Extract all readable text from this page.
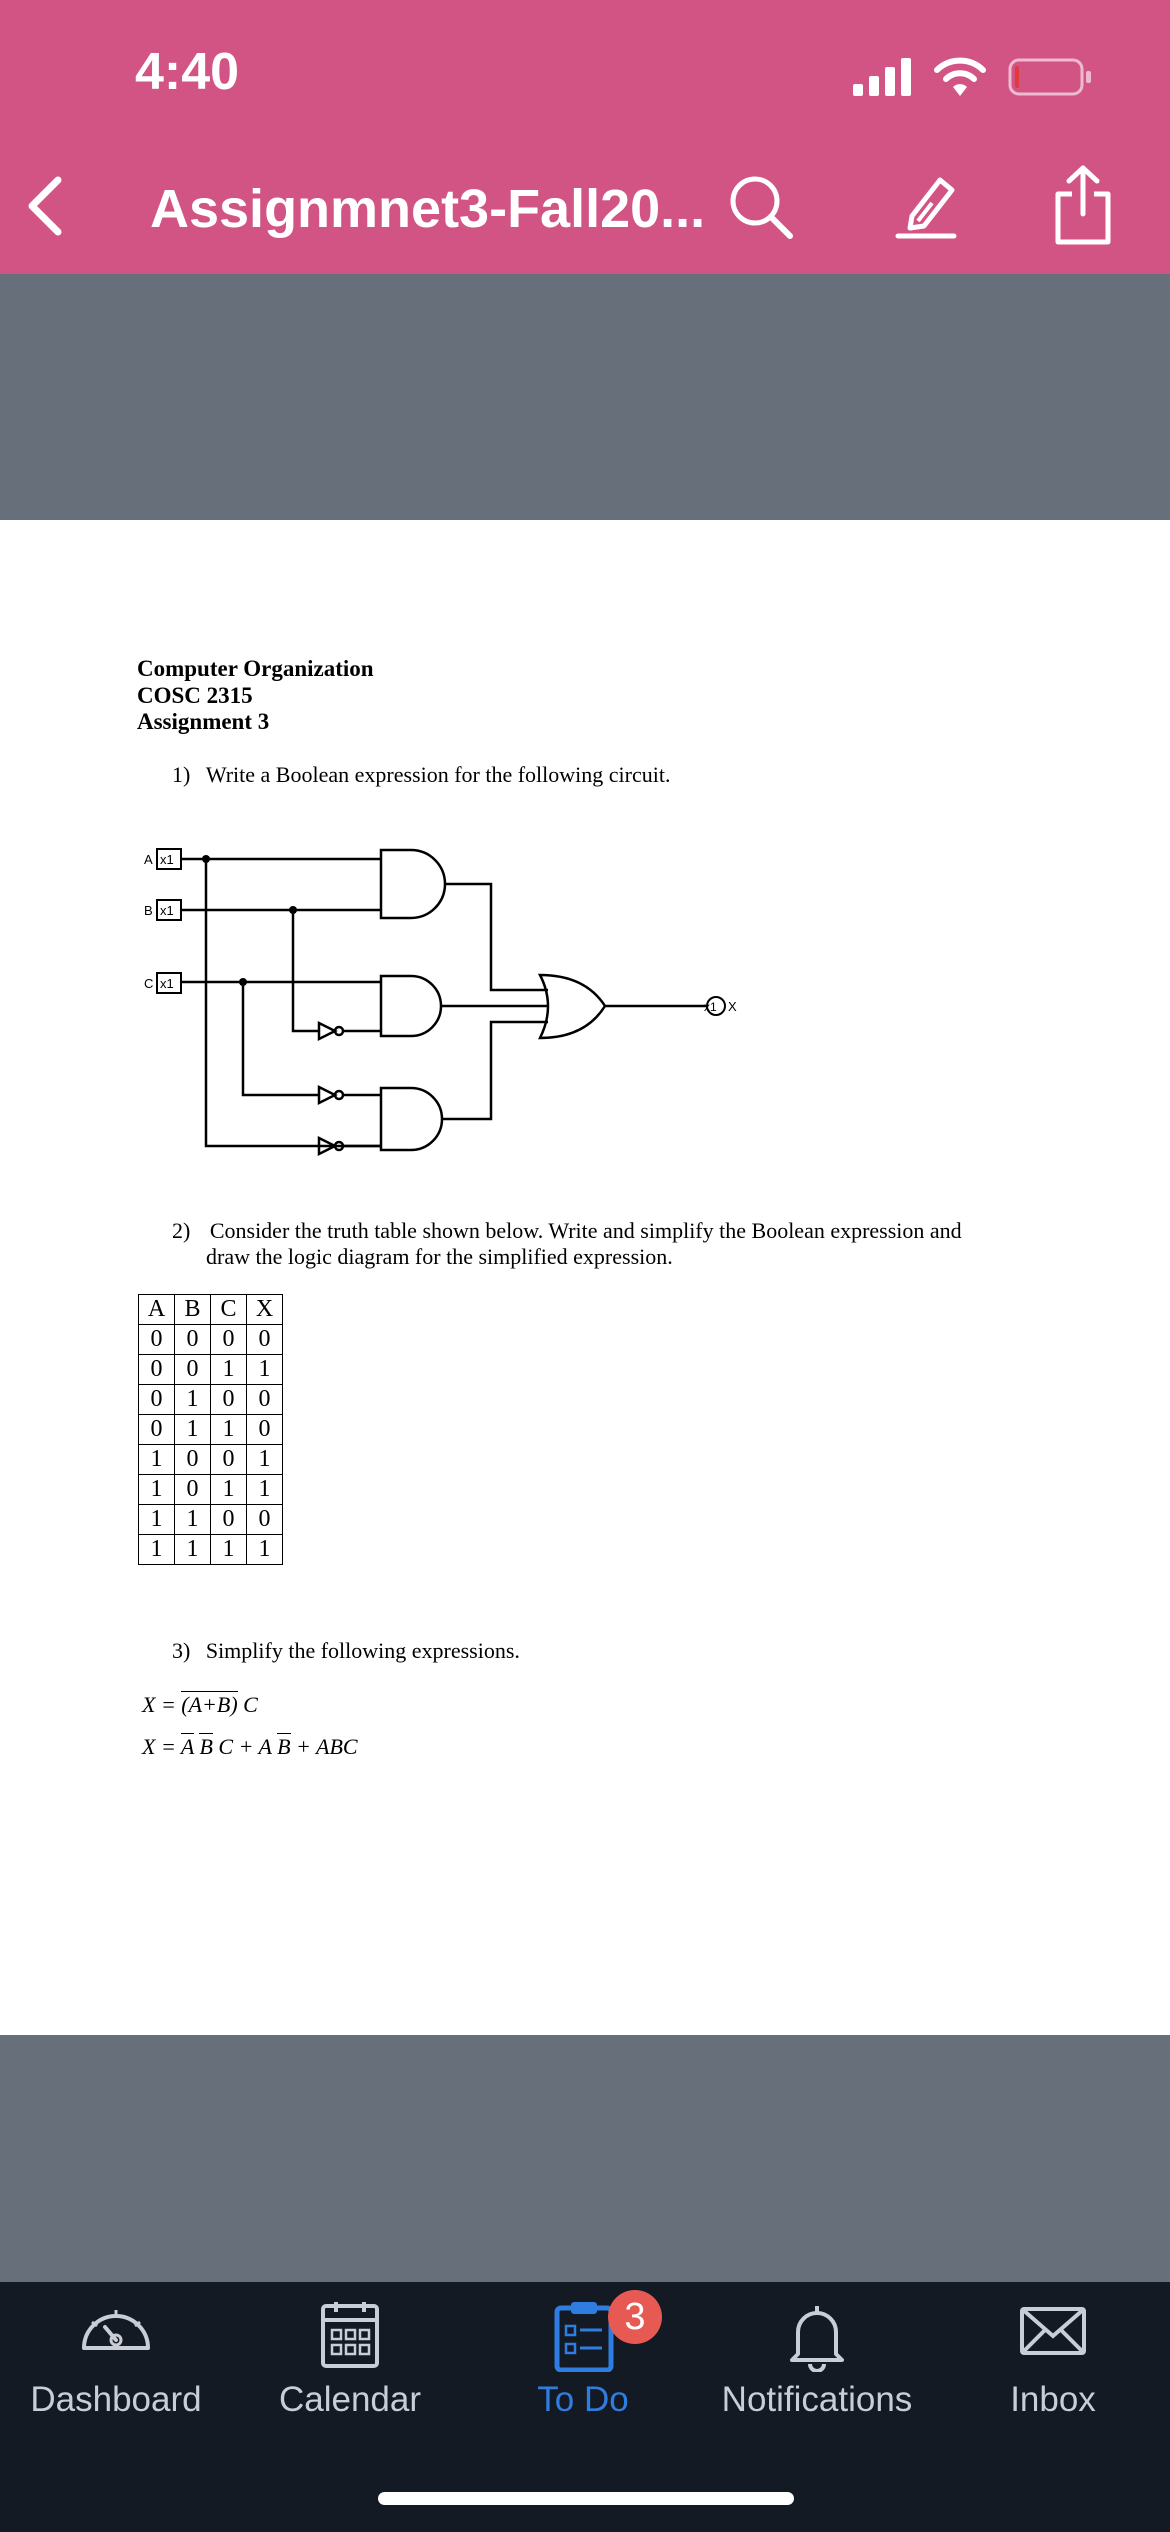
4:40
Assignmnet3-Fall20...
Computer Organization
COSC 2315
Assignment 3
1) Write a Boolean expression for the following circuit.
A x1
B x1
C x1
x1 X
2) Consider the truth table shown below. Write and simplify the Boolean expression and
draw the logic diagram for the simplified expression.
A	B	C	X
0	0	0	0
0	0	1	1
0	1	0	0
0	1	1	0
1	0	0	1
1	0	1	1
1	1	0	0
1	1	1	1
3) Simplify the following expressions.
X = (A+B) C
X = A B C + A B + ABC
Dashboard	Calendar	To Do	Notifications	Inbox
3
